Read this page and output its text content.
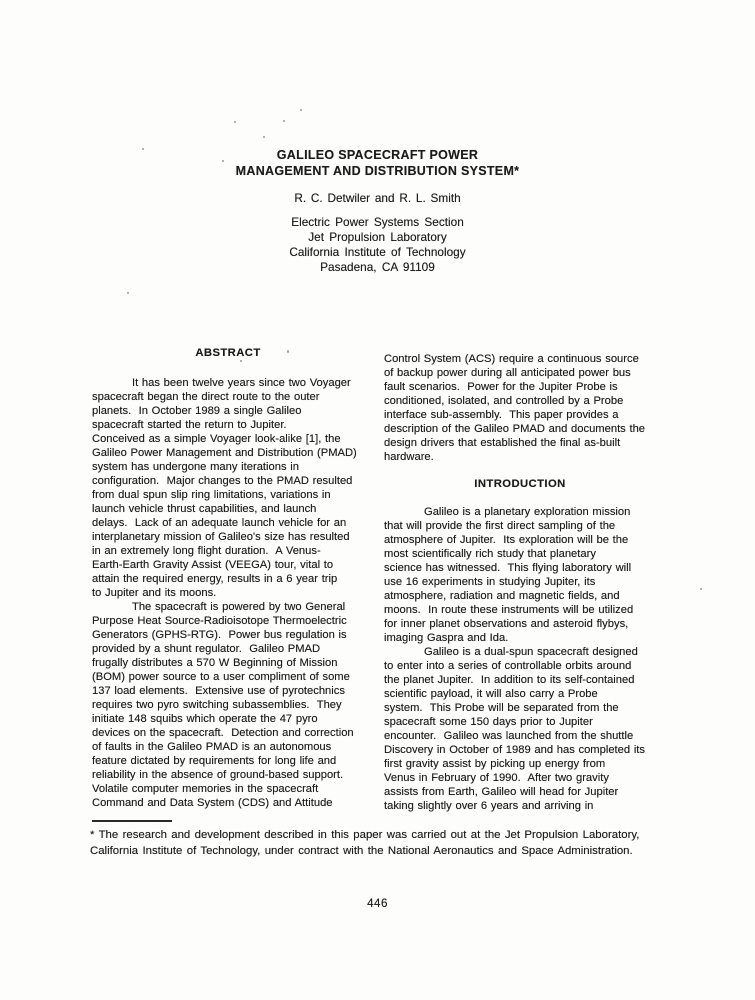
GALILEO SPACECRAFT POWER
MANAGEMENT AND DISTRIBUTION SYSTEM*
R. C. Detwiler and R. L. Smith
Electric Power Systems Section
Jet Propulsion Laboratory
California Institute of Technology
Pasadena, CA 91109
ABSTRACT
It has been twelve years since two Voyager
spacecraft began the direct route to the outer
planets.  In October 1989 a single Galileo
spacecraft started the return to Jupiter.
Conceived as a simple Voyager look-alike [1], the
Galileo Power Management and Distribution (PMAD)
system has undergone many iterations in
configuration.  Major changes to the PMAD resulted
from dual spun slip ring limitations, variations in
launch vehicle thrust capabilities, and launch
delays.  Lack of an adequate launch vehicle for an
interplanetary mission of Galileo's size has resulted
in an extremely long flight duration.  A Venus-
Earth-Earth Gravity Assist (VEEGA) tour, vital to
attain the required energy, results in a 6 year trip
to Jupiter and its moons.
The spacecraft is powered by two General
Purpose Heat Source-Radioisotope Thermoelectric
Generators (GPHS-RTG).  Power bus regulation is
provided by a shunt regulator.  Galileo PMAD
frugally distributes a 570 W Beginning of Mission
(BOM) power source to a user compliment of some
137 load elements.  Extensive use of pyrotechnics
requires two pyro switching subassemblies.  They
initiate 148 squibs which operate the 47 pyro
devices on the spacecraft.  Detection and correction
of faults in the Galileo PMAD is an autonomous
feature dictated by requirements for long life and
reliability in the absence of ground-based support.
Volatile computer memories in the spacecraft
Command and Data System (CDS) and Attitude
Control System (ACS) require a continuous source
of backup power during all anticipated power bus
fault scenarios.  Power for the Jupiter Probe is
conditioned, isolated, and controlled by a Probe
interface sub-assembly.  This paper provides a
description of the Galileo PMAD and documents the
design drivers that established the final as-built
hardware.
INTRODUCTION
Galileo is a planetary exploration mission
that will provide the first direct sampling of the
atmosphere of Jupiter.  Its exploration will be the
most scientifically rich study that planetary
science has witnessed.  This flying laboratory will
use 16 experiments in studying Jupiter, its
atmosphere, radiation and magnetic fields, and
moons.  In route these instruments will be utilized
for inner planet observations and asteroid flybys,
imaging Gaspra and Ida.
Galileo is a dual-spun spacecraft designed
to enter into a series of controllable orbits around
the planet Jupiter.  In addition to its self-contained
scientific payload, it will also carry a Probe
system.  This Probe will be separated from the
spacecraft some 150 days prior to Jupiter
encounter.  Galileo was launched from the shuttle
Discovery in October of 1989 and has completed its
first gravity assist by picking up energy from
Venus in February of 1990.  After two gravity
assists from Earth, Galileo will head for Jupiter
taking slightly over 6 years and arriving in
* The research and development described in this paper was carried out at the Jet Propulsion Laboratory,
California Institute of Technology, under contract with the National Aeronautics and Space Administration.
446
